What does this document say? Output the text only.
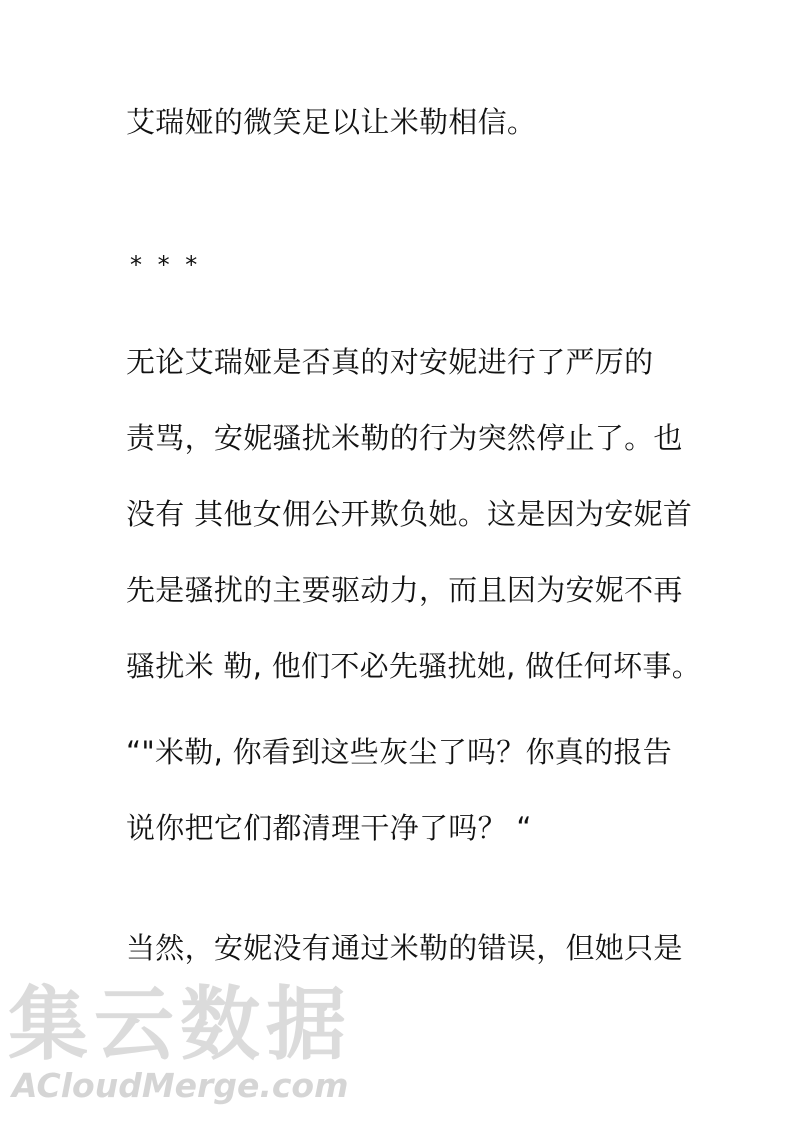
艾瑞娅的微笑足以让米勒相信。
* * *
无论艾瑞娅是否真的对安妮进行了严厉的
责骂，安妮骚扰米勒的行为突然停止了。也
没有 其他女佣公开欺负她。这是因为安妮首
先是骚扰的主要驱动力，而且因为安妮不再
骚扰米 勒, 他们不必先骚扰她, 做任何坏事。
“"米勒, 你看到这些灰尘了吗？你真的报告
说你把它们都清理干净了吗？ “
当然，安妮没有通过米勒的错误，但她只是
集云数据
ACloudMerge.com
